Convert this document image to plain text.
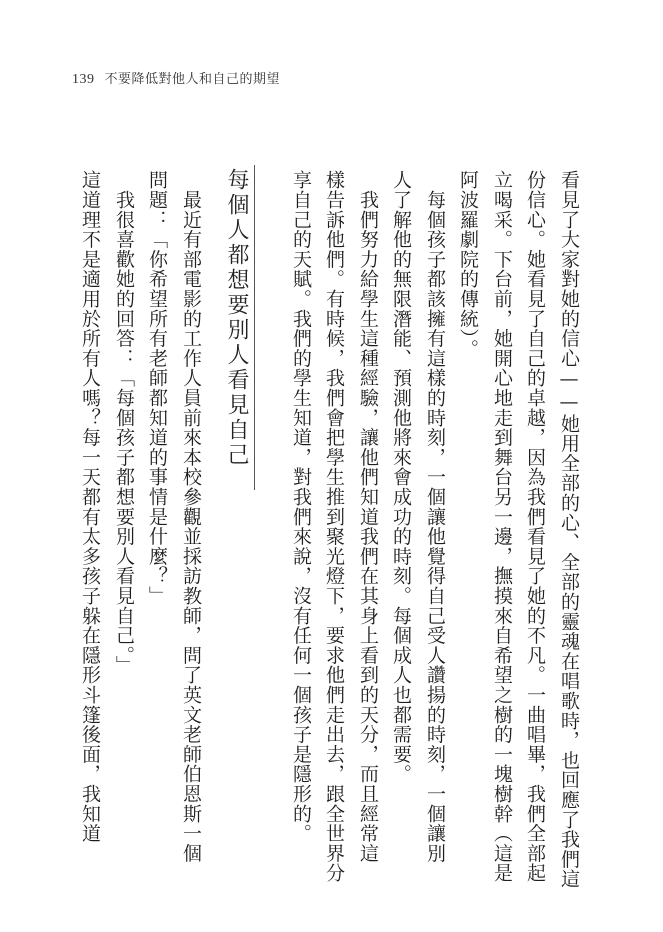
139 不要降低對他人和自己的期望
看見了大家對她的信心——她用全部的心、全部的靈魂在唱歌時，也回應了我們這
份信心。她看見了自己的卓越，因為我們看見了她的不凡。一曲唱畢，我們全部起
立喝采。下台前，她開心地走到舞台另一邊，撫摸來自希望之樹的一塊樹幹（這是
阿波羅劇院的傳統）。
　每個孩子都該擁有這樣的時刻，一個讓他覺得自己受人讚揚的時刻，一個讓別
人了解他的無限潛能、預測他將來會成功的時刻。每個成人也都需要。
　我們努力給學生這種經驗，讓他們知道我們在其身上看到的天分，而且經常這
樣告訴他們。有時候，我們會把學生推到聚光燈下，要求他們走出去，跟全世界分
享自己的天賦。我們的學生知道，對我們來說，沒有任何一個孩子是隱形的。
每個人都想要別人看見自己
　最近有部電影的工作人員前來本校參觀並採訪教師，問了英文老師伯恩斯一個
問題：「你希望所有老師都知道的事情是什麼？」
　我很喜歡她的回答：「每個孩子都想要別人看見自己。」
這道理不是適用於所有人嗎？每一天都有太多孩子躲在隱形斗篷後面，我知道
